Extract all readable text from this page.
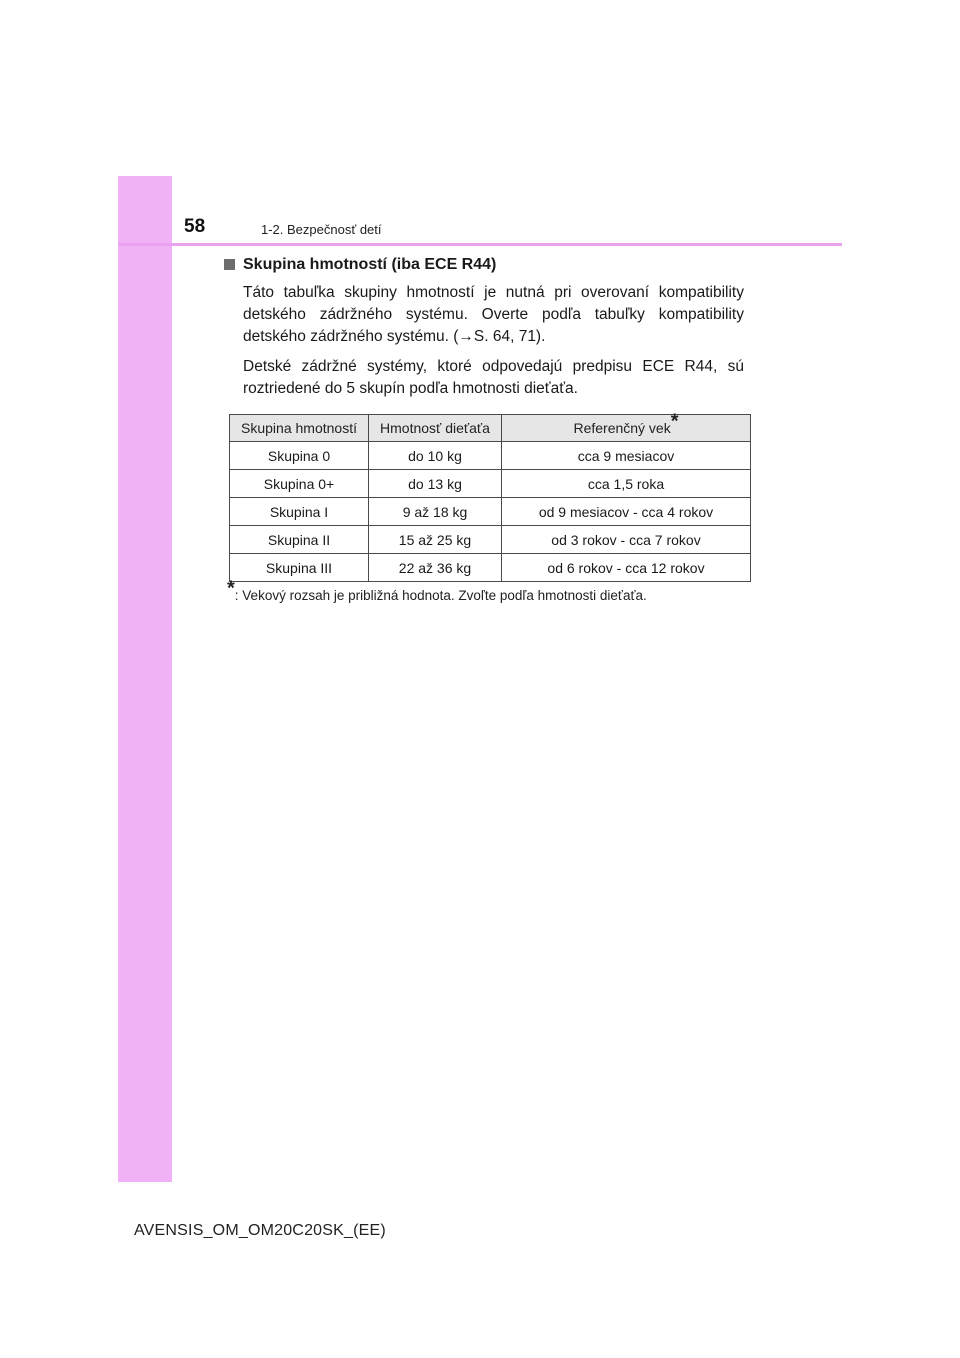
58	1-2. Bezpečnosť detí
Skupina hmotností (iba ECE R44)

Táto tabuľka skupiny hmotností je nutná pri overovaní kompatibility detského zádržného systému. Overte podľa tabuľky kompatibility detského zádržného systému. (→S. 64, 71).

Detské zádržné systémy, ktoré odpovedajú predpisu ECE R44, sú roztriedené do 5 skupín podľa hmotnosti dieťaťa.

Skupina hmotností	Hmotnosť dieťaťa	Referenčný vek*
Skupina 0	do 10 kg	cca 9 mesiacov
Skupina 0+	do 13 kg	cca 1,5 roka
Skupina I	9 až 18 kg	od 9 mesiacov - cca 4 rokov
Skupina II	15 až 25 kg	od 3 rokov - cca 7 rokov
Skupina III	22 až 36 kg	od 6 rokov - cca 12 rokov
*: Vekový rozsah je približná hodnota. Zvoľte podľa hmotnosti dieťaťa.
AVENSIS_OM_OM20C20SK_(EE)
